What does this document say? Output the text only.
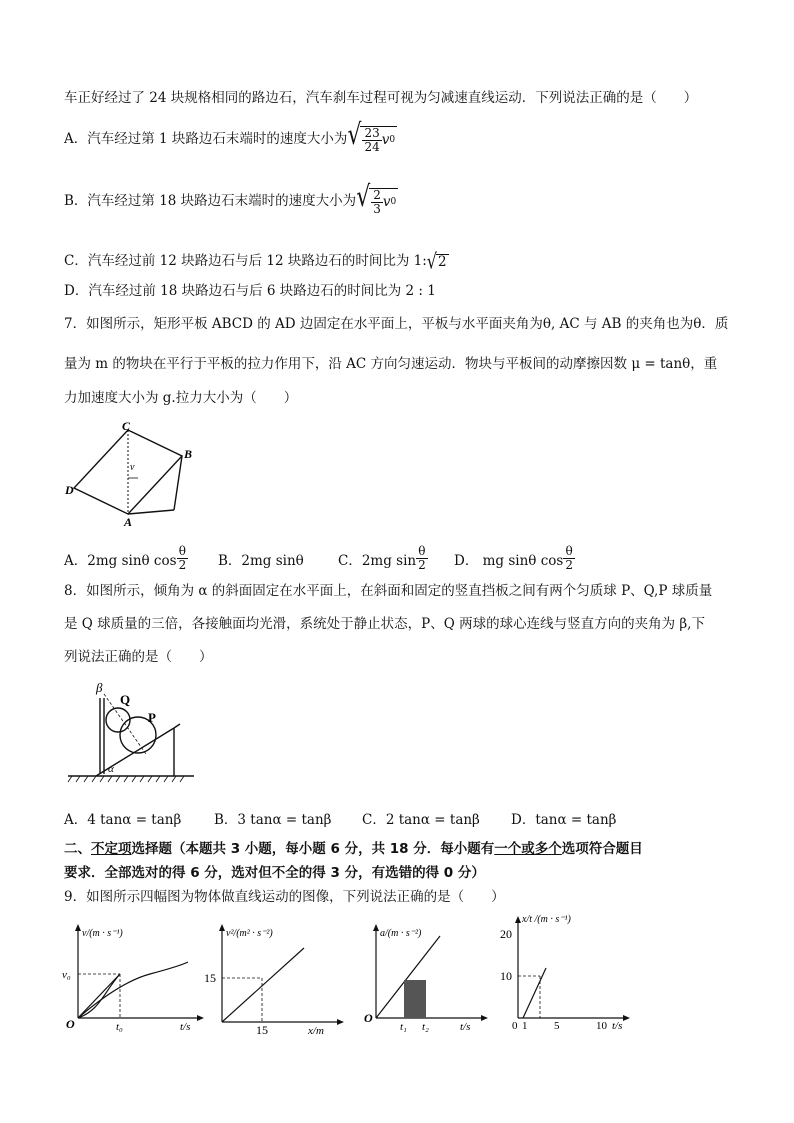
车正好经过了 24 块规格相同的路边石，汽车刹车过程可视为匀减速直线运动．下列说法正确的是（　　）
A．汽车经过第 1 块路边石末端时的速度大小为 √ $\frac{23}{24}$ v 0
B．汽车经过第 18 块路边石末端时的速度大小为 √ $\frac{2}{3}$ v 0
C．汽车经过前 12 块路边石与后 12 块路边石的时间比为 1: √ 2
D．汽车经过前 18 块路边石与后 6 块路边石的时间比为 2 : 1
7．如图所示，矩形平板 ABCD 的 AD 边固定在水平面上，平板与水平面夹角为θ, AC 与 AB 的夹角也为θ．质
量为 m 的物块在平行于平板的拉力作用下，沿 AC 方向匀速运动．物块与平板间的动摩擦因数 μ = tanθ，重
力加速度大小为 g.拉力大小为（　　）
C
B
D
A
v
A．2mg sinθ $\cos \frac{\theta}{2}$ B．2mg sinθ	C．2mg $\sin \frac{\theta}{2}$ D． mg sinθ $\cos \frac{\theta}{2}$
8．如图所示，倾角为 α 的斜面固定在水平面上，在斜面和固定的竖直挡板之间有两个匀质球 P、Q,P 球质量
是 Q 球质量的三倍，各接触面均光滑，系统处于静止状态，P、Q 两球的球心连线与竖直方向的夹角为 β,下
列说法正确的是（　　）
β
Q
P
α
A．4 tanα = tanβ B．3 tanα = tanβ C．2 tanα = tanβ D．tanα = tanβ
二、不定项选择题（本题共 3 小题，每小题 6 分，共 18 分．每小题有一个或多个选项符合题目
要求．全部选对的得 6 分，选对但不全的得 3 分，有选错的得 0 分）
9．如图所示四幅图为物体做直线运动的图像，下列说法正确的是（　　）
v/(m · s⁻¹)
t/s
v₀
t₀
O
v²/(m² · s⁻²)
x/m
15
15
a/(m · s⁻²)
t/s
t₁ t₂
O
x/t /(m · s⁻¹)
20
10
0 1 5	10 t/s
